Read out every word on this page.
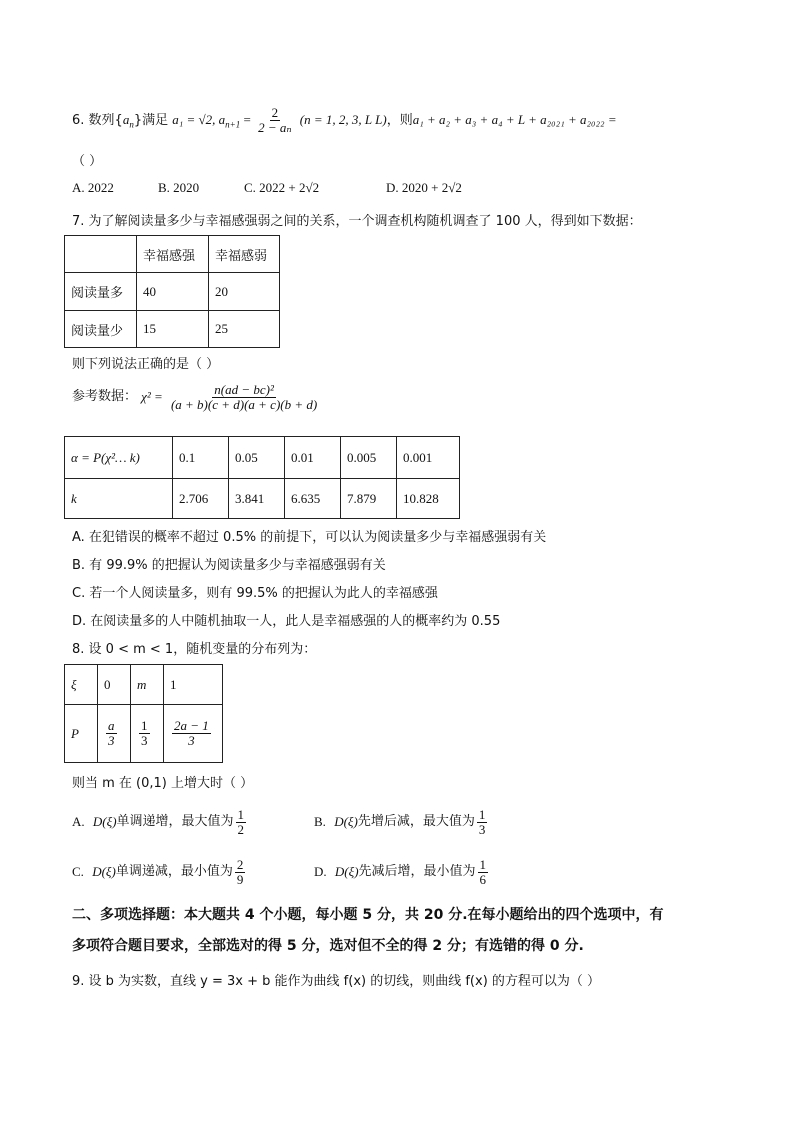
6. 数列$\{a_n\}$满足 a₁ = √2, $a_{n+1} = \frac{2}{\text{2 − aₙ}} (n = 1$, 2, 3, L L)，则a₁ + a₂ + a₃ + a₄ + L + a₂₀₂₁ + a₂₀₂₂ =
（ ）
A. 2022	B. 2020	C. 2022 + 2√2	D. 2020 + 2√2
7. 为了解阅读量多少与幸福感强弱之间的关系，一个调查机构随机调查了 100 人，得到如下数据：
	幸福感强	幸福感弱
阅读量多	40	20
阅读量少	15	25
则下列说法正确的是（ ）
参考数据： $\chi^2 = \frac{\text{n(ad − bc)²}}{(a + b)(c + d)(a + c)(b + d)}$
α = P(χ²… k)	0.1	0.05	0.01	0.005	0.001
k	2.706	3.841	6.635	7.879	10.828
A. 在犯错误的概率不超过 0.5% 的前提下，可以认为阅读量多少与幸福感强弱有关
B. 有 99.9% 的把握认为阅读量多少与幸福感强弱有关
C. 若一个人阅读量多，则有 99.5% 的把握认为此人的幸福感强
D. 在阅读量多的人中随机抽取一人，此人是幸福感强的人的概率约为 0.55
8. 设 0 < m < 1，随机变量的分布列为：
ξ	0	m	1
P	$\frac{a}{3}$	$\frac{1}{3}$	$\frac{2a - 1}{3}$
则当 m 在 (0,1) 上增大时（ ）
A. D(ξ)单调递增，最大值为 $\frac{1}{2}$	B. D(ξ)先增后减，最大值为 $\frac{1}{3}$
C. D(ξ)单调递减，最小值为 $\frac{2}{9}$	D. D(ξ)先减后增，最小值为 $\frac{1}{6}$
二、多项选择题：本大题共 4 个小题，每小题 5 分，共 20 分.在每小题给出的四个选项中，有
多项符合题目要求，全部选对的得 5 分，选对但不全的得 2 分；有选错的得 0 分.
9. 设 b 为实数，直线 y = 3x + b 能作为曲线 f(x) 的切线，则曲线 f(x) 的方程可以为（ ）
